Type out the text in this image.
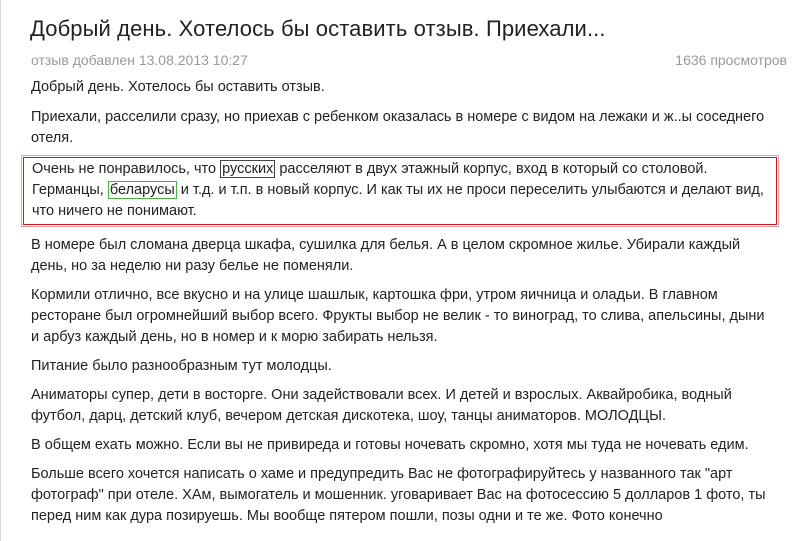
Добрый день. Хотелось бы оставить отзыв. Приехали...
отзыв добавлен 13.08.2013 10:27	1636 просмотров

Добрый день. Хотелось бы оставить отзыв.

Приехали, расселили сразу, но приехав с ребенком оказалась в номере с видом на лежаки и ж..ы соседнего отеля.

Очень не понравилось, что русских расселяют в двух этажный корпус, вход в который со столовой. Германцы, беларусы и т.д. и т.п. в новый корпус. И как ты их не проси переселить улыбаются и делают вид, что ничего не понимают.

В номере был сломана дверца шкафа, сушилка для белья. А в целом скромное жилье. Убирали каждый день, но за неделю ни разу белье не поменяли.

Кормили отлично, все вкусно и на улице шашлык, картошка фри, утром яичница и оладьи. В главном ресторане был огромнейший выбор всего. Фрукты выбор не велик - то виноград, то слива, апельсины, дыни и арбуз каждый день, но в номер и к морю забирать нельзя.

Питание было разнообразным тут молодцы.

Аниматоры супер, дети в восторге. Они задействовали всех. И детей и взрослых. Аквайробика, водный футбол, дарц, детский клуб, вечером детская дискотека, шоу, танцы аниматоров. МОЛОДЦЫ.

В общем ехать можно. Если вы не привиреда и готовы ночевать скромно, хотя мы туда не ночевать едим.

Больше всего хочется написать о хаме и предупредить Вас не фотографируйтесь у названного так "арт фотограф" при отеле. ХАм, вымогатель и мошенник. уговаривает Вас на фотосессию 5 долларов 1 фото, ты перед ним как дура позируешь. Мы вообще пятером пошли, позы одни и те же. Фото конечно
